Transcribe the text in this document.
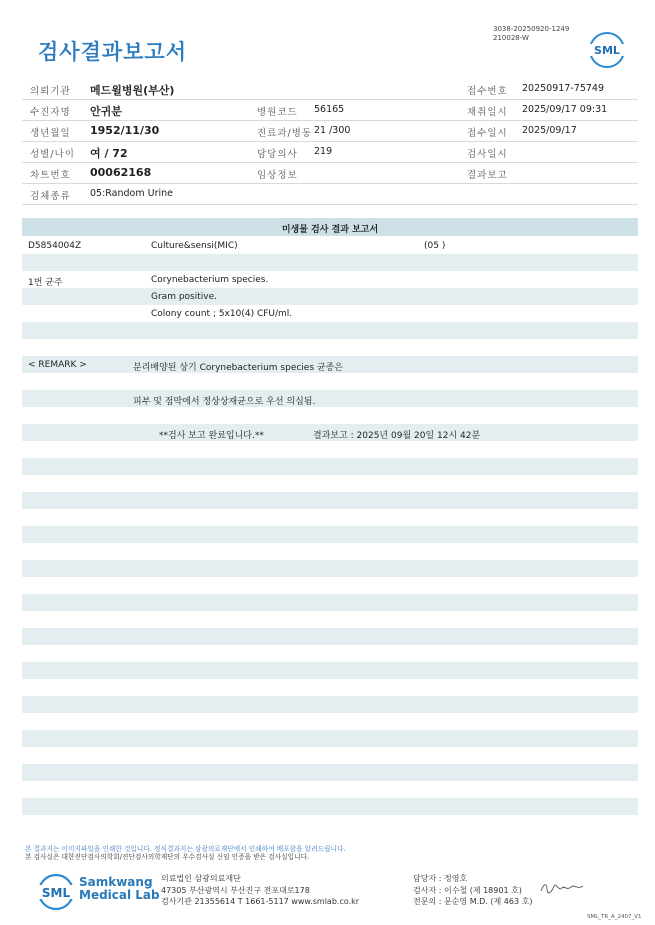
검사결과보고서
3038-20250920-1249
210028-W
SML
의뢰기관 메드윌병원(부산)	접수번호 20250917-75749
수진자명 안귀분	병원코드 56165	채취일시 2025/09/17 09:31
생년월일 1952/11/30	진료과/병동 21 /300	접수일시 2025/09/17
성별/나이 여 / 72	담당의사 219	검사일시
차트번호 00062168	임상정보	결과보고
검체종류 05:Random Urine
미생물 검사 결과 보고서
D5854004Z	Culture&sensi(MIC)	(05 )
1번 균주	Corynebacterium species.
Gram positive.
Colony count ; 5x10(4) CFU/ml.
< REMARK >	분리배양된 상기 Corynebacterium species 균종은
피부 및 점막에서 정상상재균으로 우선 의심됨.
**검사 보고 완료입니다.**	결과보고 : 2025년 09월 20일 12시 42분
본 결과지는 이미지파일을 인쇄한 것입니다. 정식결과지는 삼광의료재단에서 인쇄하여 배포함을 알려드립니다.
본 검사실은 대한진단검사의학회/진단검사의학재단의 우수검사실 신임 인증을 받은 검사실입니다.
SML
Samkwang
Medical Lab
의료법인 삼광의료재단
47305 부산광역시 부산진구 전포대로178
검사기관 21355614 T 1661-5117 www.smlab.co.kr
담당자 : 정영호
검사자 : 이수철 (제 18901 호)
전문의 : 문순영 M.D. (제 463 호)
SML_TR_A_2407_V1
